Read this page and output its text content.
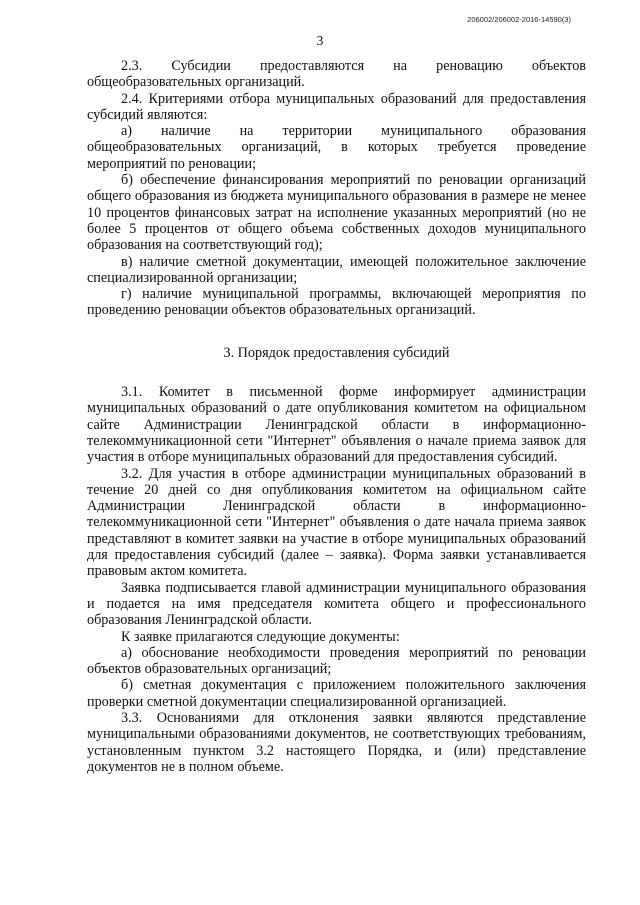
206002/206002-2016-14590(3)
3

2.3. Субсидии предоставляются на реновацию объектов общеобразовательных организаций.

2.4. Критериями отбора муниципальных образований для предоставления субсидий являются:

а) наличие на территории муниципального образования общеобразовательных организаций, в которых требуется проведение мероприятий по реновации;

б) обеспечение финансирования мероприятий по реновации организаций общего образования из бюджета муниципального образования в размере не менее 10 процентов финансовых затрат на исполнение указанных мероприятий (но не более 5 процентов от общего объема собственных доходов муниципального образования на соответствующий год);

в) наличие сметной документации, имеющей положительное заключение специализированной организации;

г) наличие муниципальной программы, включающей мероприятия по проведению реновации объектов образовательных организаций.

3. Порядок предоставления субсидий

3.1. Комитет в письменной форме информирует администрации муниципальных образований о дате опубликования комитетом на официальном сайте Администрации Ленинградской области в информационно-телекоммуникационной сети "Интернет" объявления о начале приема заявок для участия в отборе муниципальных образований для предоставления субсидий.

3.2. Для участия в отборе администрации муниципальных образований в течение 20 дней со дня опубликования комитетом на официальном сайте Администрации Ленинградской области в информационно-телекоммуникационной сети "Интернет" объявления о дате начала приема заявок представляют в комитет заявки на участие в отборе муниципальных образований для предоставления субсидий (далее – заявка). Форма заявки устанавливается правовым актом комитета.

Заявка подписывается главой администрации муниципального образования и подается на имя председателя комитета общего и профессионального образования Ленинградской области.

К заявке прилагаются следующие документы:

а) обоснование необходимости проведения мероприятий по реновации объектов образовательных организаций;

б) сметная документация с приложением положительного заключения проверки сметной документации специализированной организацией.

3.3. Основаниями для отклонения заявки являются представление муниципальными образованиями документов, не соответствующих требованиям, установленным пунктом 3.2 настоящего Порядка, и (или) представление документов не в полном объеме.
